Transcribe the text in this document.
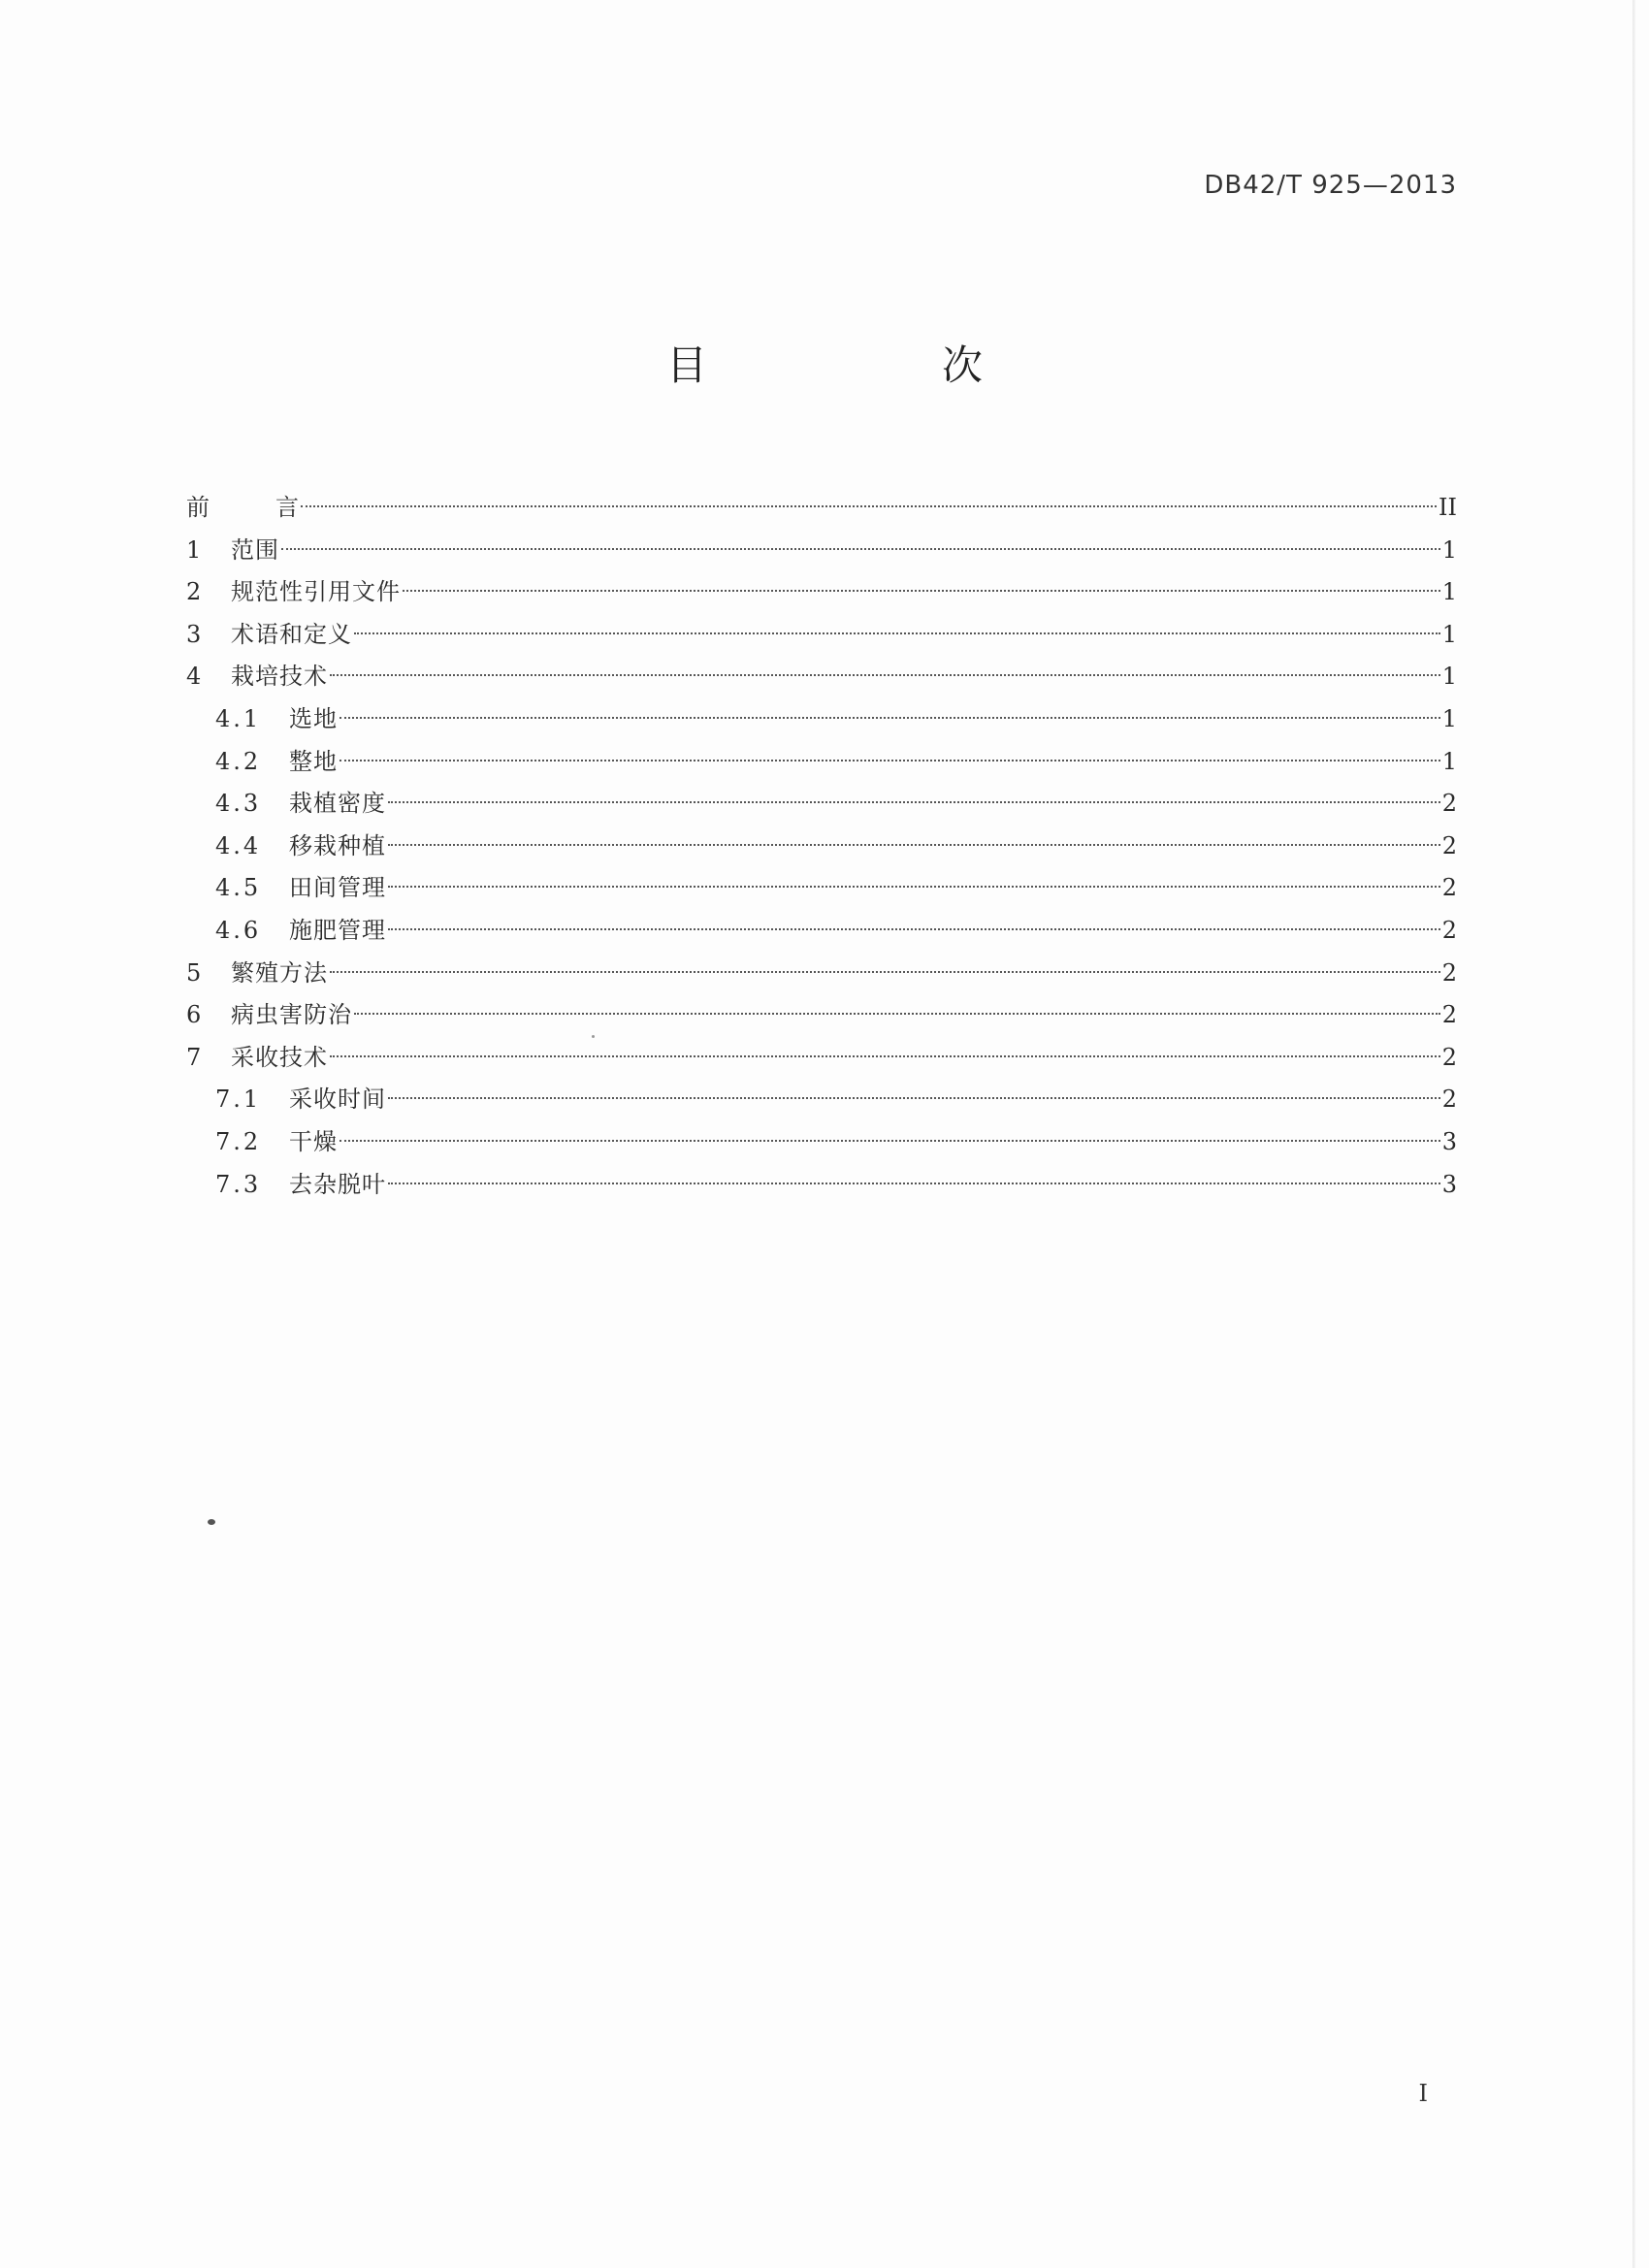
DB42/T 925—2013
目　次
前　言	II
1	范围	1
2	规范性引用文件	1
3	术语和定义	1
4	栽培技术	1
4.1	选地	1
4.2	整地	1
4.3	栽植密度	2
4.4	移栽种植	2
4.5	田间管理	2
4.6	施肥管理	2
5	繁殖方法	2
6	病虫害防治	2
7	采收技术	2
7.1	采收时间	2
7.2	干燥	3
7.3	去杂脱叶	3
I
